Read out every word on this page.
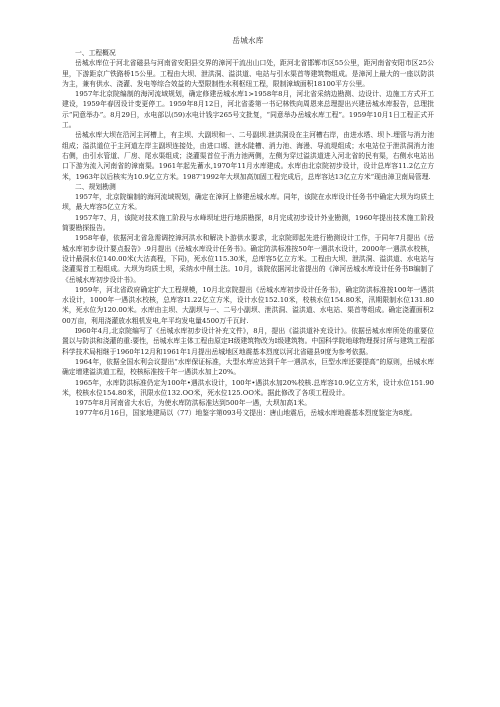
岳城水库
一、工程概况

岳城水库位于河北省磁县与河南省安阳县交界的漳河干流出山口处，距河北省邯郸市区55公里，距河南省安阳市区25公里，下游距京广铁路桥15公里。工程由大坝、泄洪洞、溢洪道、电站与引水渠首等建筑物组成。是漳河上最大的一座以防洪为主，兼有供水、浇灌、发电等综合效益的大型限制性水利枢纽工程，限制漳域面积18100平方公里。

1957年北京院编制的海河流域规划，确定修建岳城水库1>1958年8月，河北省采纳边勘测、边设计、边施工方式开工建设，1959年春因设计变更停工。1959年8月12日，河北省委第一书记林铁向周恩来总理提出兴建岳城水库报告，总理批示“同意举办”。8月29日，水电部以(59)水电计钱字265号文批复，“同意举办岳城水库工程”。1959年10月1日工程正式开工。

岳城水库大坝在沿河主河槽上，有主坝、大副坝和一、二号副坝.泄洪洞设在主河槽右岸，由进水塔、坝卜.埋管与消力池组成；溢洪道位于主河道左岸主副坝连接处，由进口塬、泄水陡槽、消力池、海漫、导流堤组成；水电站位于泄洪洞消力池右侧，由引水管道、厂房、尾水渠组成；浇灌渠首位于消力池两侧，左侧为穿过溢洪道进入河北省的民有渠，右侧水电站出口下游为流入河南省的漳南渠。1961年起先蓄水,1970年11月水库建成。水库由北京院初步设计，设计总库容11.2亿立方米，1963年以后核实为10.9亿立方米。1987'1992年大坝加高加固工程完成后，总库容达13亿立方米“现由漳卫南局管理.

二、规划勘测

1957年，北京院编制的海河流域规划，确定在漳河上修建岳城水库。同年，该院在水库设计任务书中确定大坝为均质土坝，最大库容5亿立方米。

1957年7、月，该院对技术施工阶段与水峰坝址进行地质勘探，8月完成初步设计外业勘测，1960年提出技术施工阶段简要勘探报告。

1958年春，依据河北省急需调控漳河洪水和解决卜游供水要求，北京院即起先进行勘测设计工作，于同年7月提出《岳城水库初步设计要点报告》.9月提出《岳城水库设计任务书》。确定防洪标准按50年一遇洪水设计，2000年一遇洪水校核，设计最洞水位140.00米(大沽高程，下同)，死水位115.30米，总库容5亿立方米。工程由大坝、泄洪洞、溢洪道、水电站与浇灌渠首工程组成。大坝为均质土坝，采纳水中削土法。10月，该院依据河北省提出的《漳河岳城水库设计任务书B编制了《岳城水库初步设计书》。

1959年，河北省政府确定扩大工程规模，10月北京院提出《岳城水库初步设计任务书》，确定防洪标准按100年一遇洪水设计，1000年一遇洪水校核，总库容I1.22亿立方米，设计水位152.10米，校核水位154.80米，汛期限制水位131.80米，死水位为120.00米。水库由主坝、大副坝与一、二号小副坝、泄洪洞、溢洪道、水电站、渠首等组成。确定浇灌面积200万亩，利用浇灌放水粗机发电,年平均发电量4500万千瓦时.

I960年4月,北京院编写了《岳城水库初步设计补充文件》，8月，提出《溢洪道补充设计》。依据岳城水库所处的重要位置以与防洪和浇灌的重:要性，岳城水库主体工程由原定H级建筑物改为I级建筑物。中国科学院地球物理探讨所与建筑工程部科学技术局相继于1960年12月和1961年1月提出岳城地区地震基本烈度以河北省磁县9度为参考依据。

1964年，依据全国水利会议提出“水库保证标准，大型水库应达到千年一遇洪水，巨型水库还要提高”的原则，岳城水库确定增建溢洪道工程，校核标准按千年一遇洪水加上20%。

1965年，水库防洪标准仍定为100年•遇洪水设计，100年•遇洪水加20%校核.总库容10.9亿立方米，设计水位151.90米，校核水位154.80米，汛限水位132.OO米，死水位125.OO米。据此修改了各项工程设计。

1975年8月河南省大水后，为使水库防洪标准达到500年一遇，大坝加高1米。

1977年6月16日，国家地建局以（77）地鉴字第093号文提出：唐山地震后，岳城水库地震基本烈度鉴定为8度。
